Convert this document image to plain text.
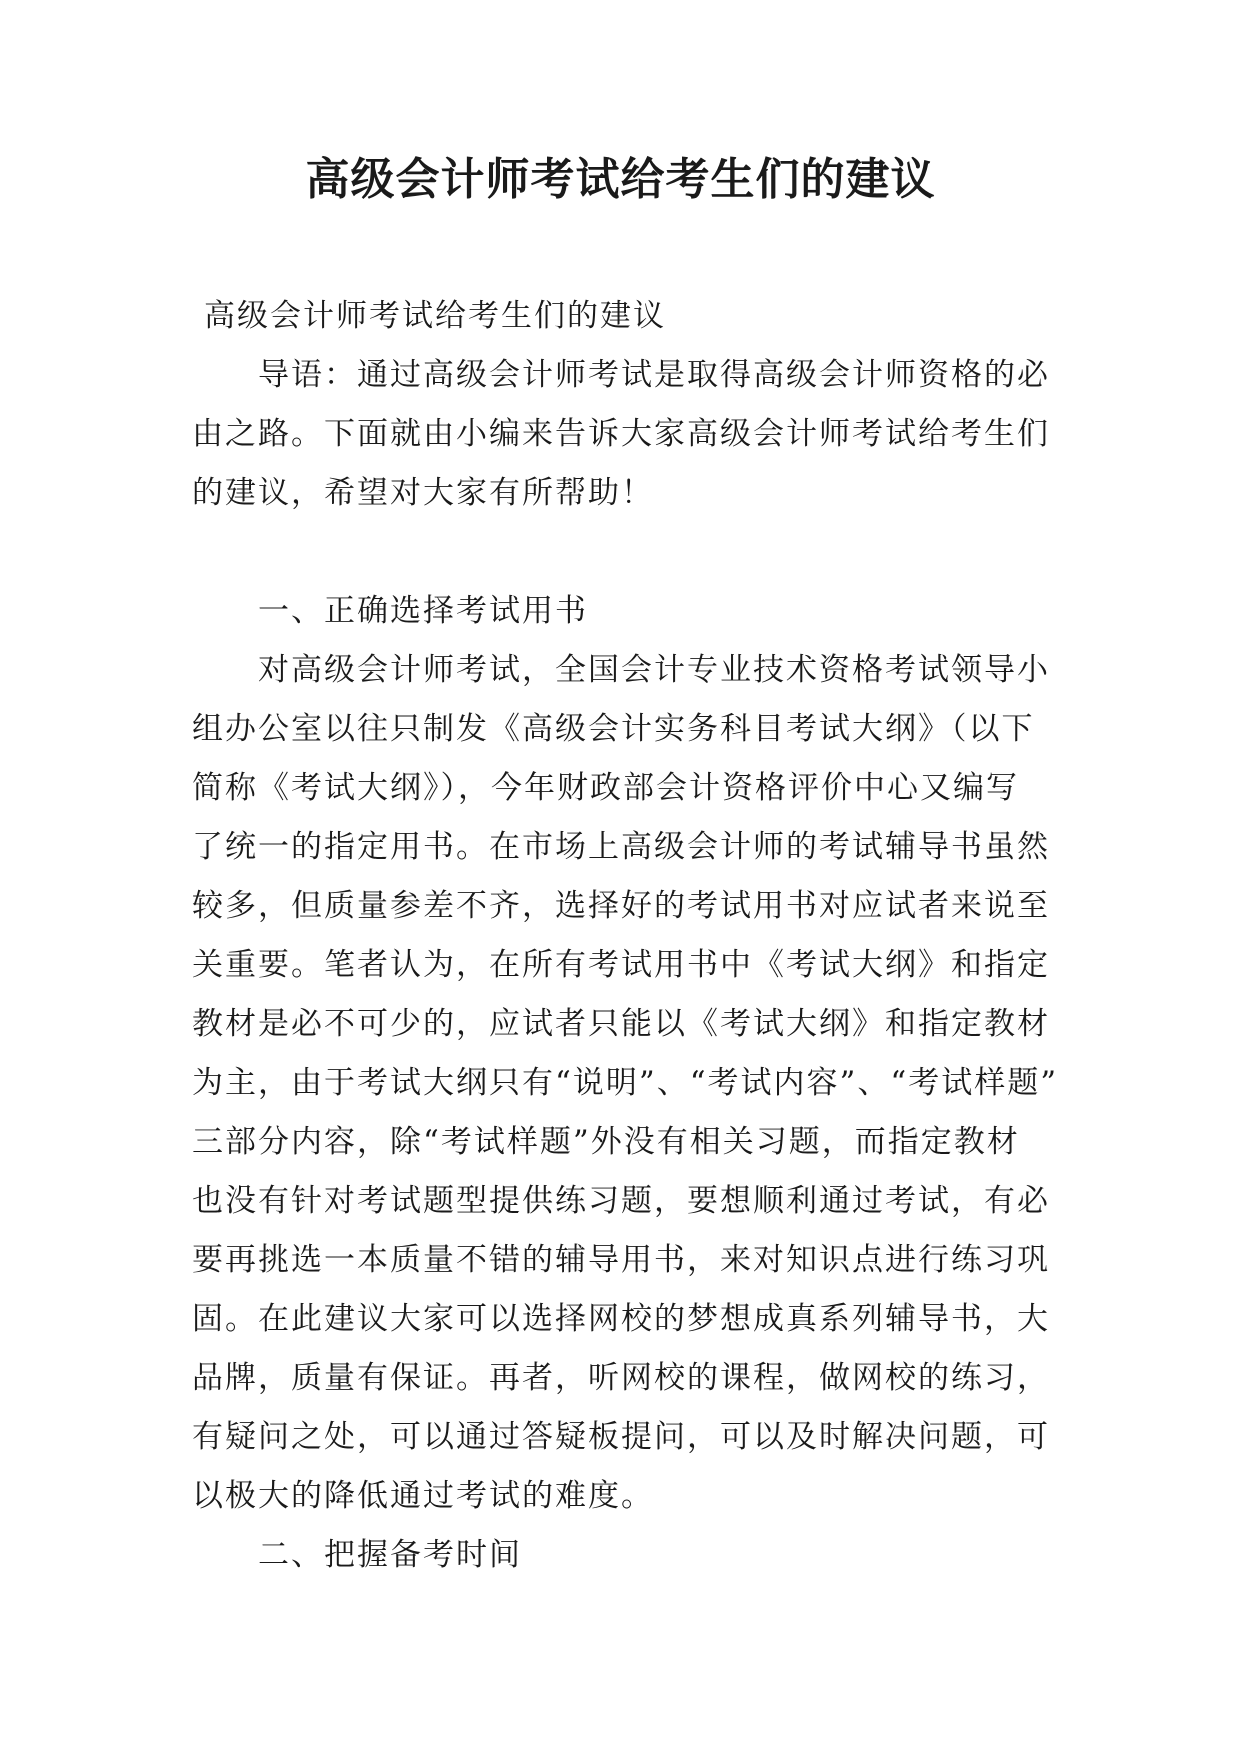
高级会计师考试给考生们的建议
高级会计师考试给考生们的建议
导语：通过高级会计师考试是取得高级会计师资格的必
由之路。下面就由小编来告诉大家高级会计师考试给考生们
的建议，希望对大家有所帮助！
一、正确选择考试用书
对高级会计师考试，全国会计专业技术资格考试领导小
组办公室以往只制发《高级会计实务科目考试大纲》（以下
简称《考试大纲》），今年财政部会计资格评价中心又编写
了统一的指定用书。在市场上高级会计师的考试辅导书虽然
较多，但质量参差不齐，选择好的考试用书对应试者来说至
关重要。笔者认为，在所有考试用书中《考试大纲》和指定
教材是必不可少的，应试者只能以《考试大纲》和指定教材
为主，由于考试大纲只有“说明”、“考试内容”、“考试样题”
三部分内容，除“考试样题”外没有相关习题，而指定教材
也没有针对考试题型提供练习题，要想顺利通过考试，有必
要再挑选一本质量不错的辅导用书，来对知识点进行练习巩
固。在此建议大家可以选择网校的梦想成真系列辅导书，大
品牌，质量有保证。再者，听网校的课程，做网校的练习，
有疑问之处，可以通过答疑板提问，可以及时解决问题，可
以极大的降低通过考试的难度。
二、把握备考时间
